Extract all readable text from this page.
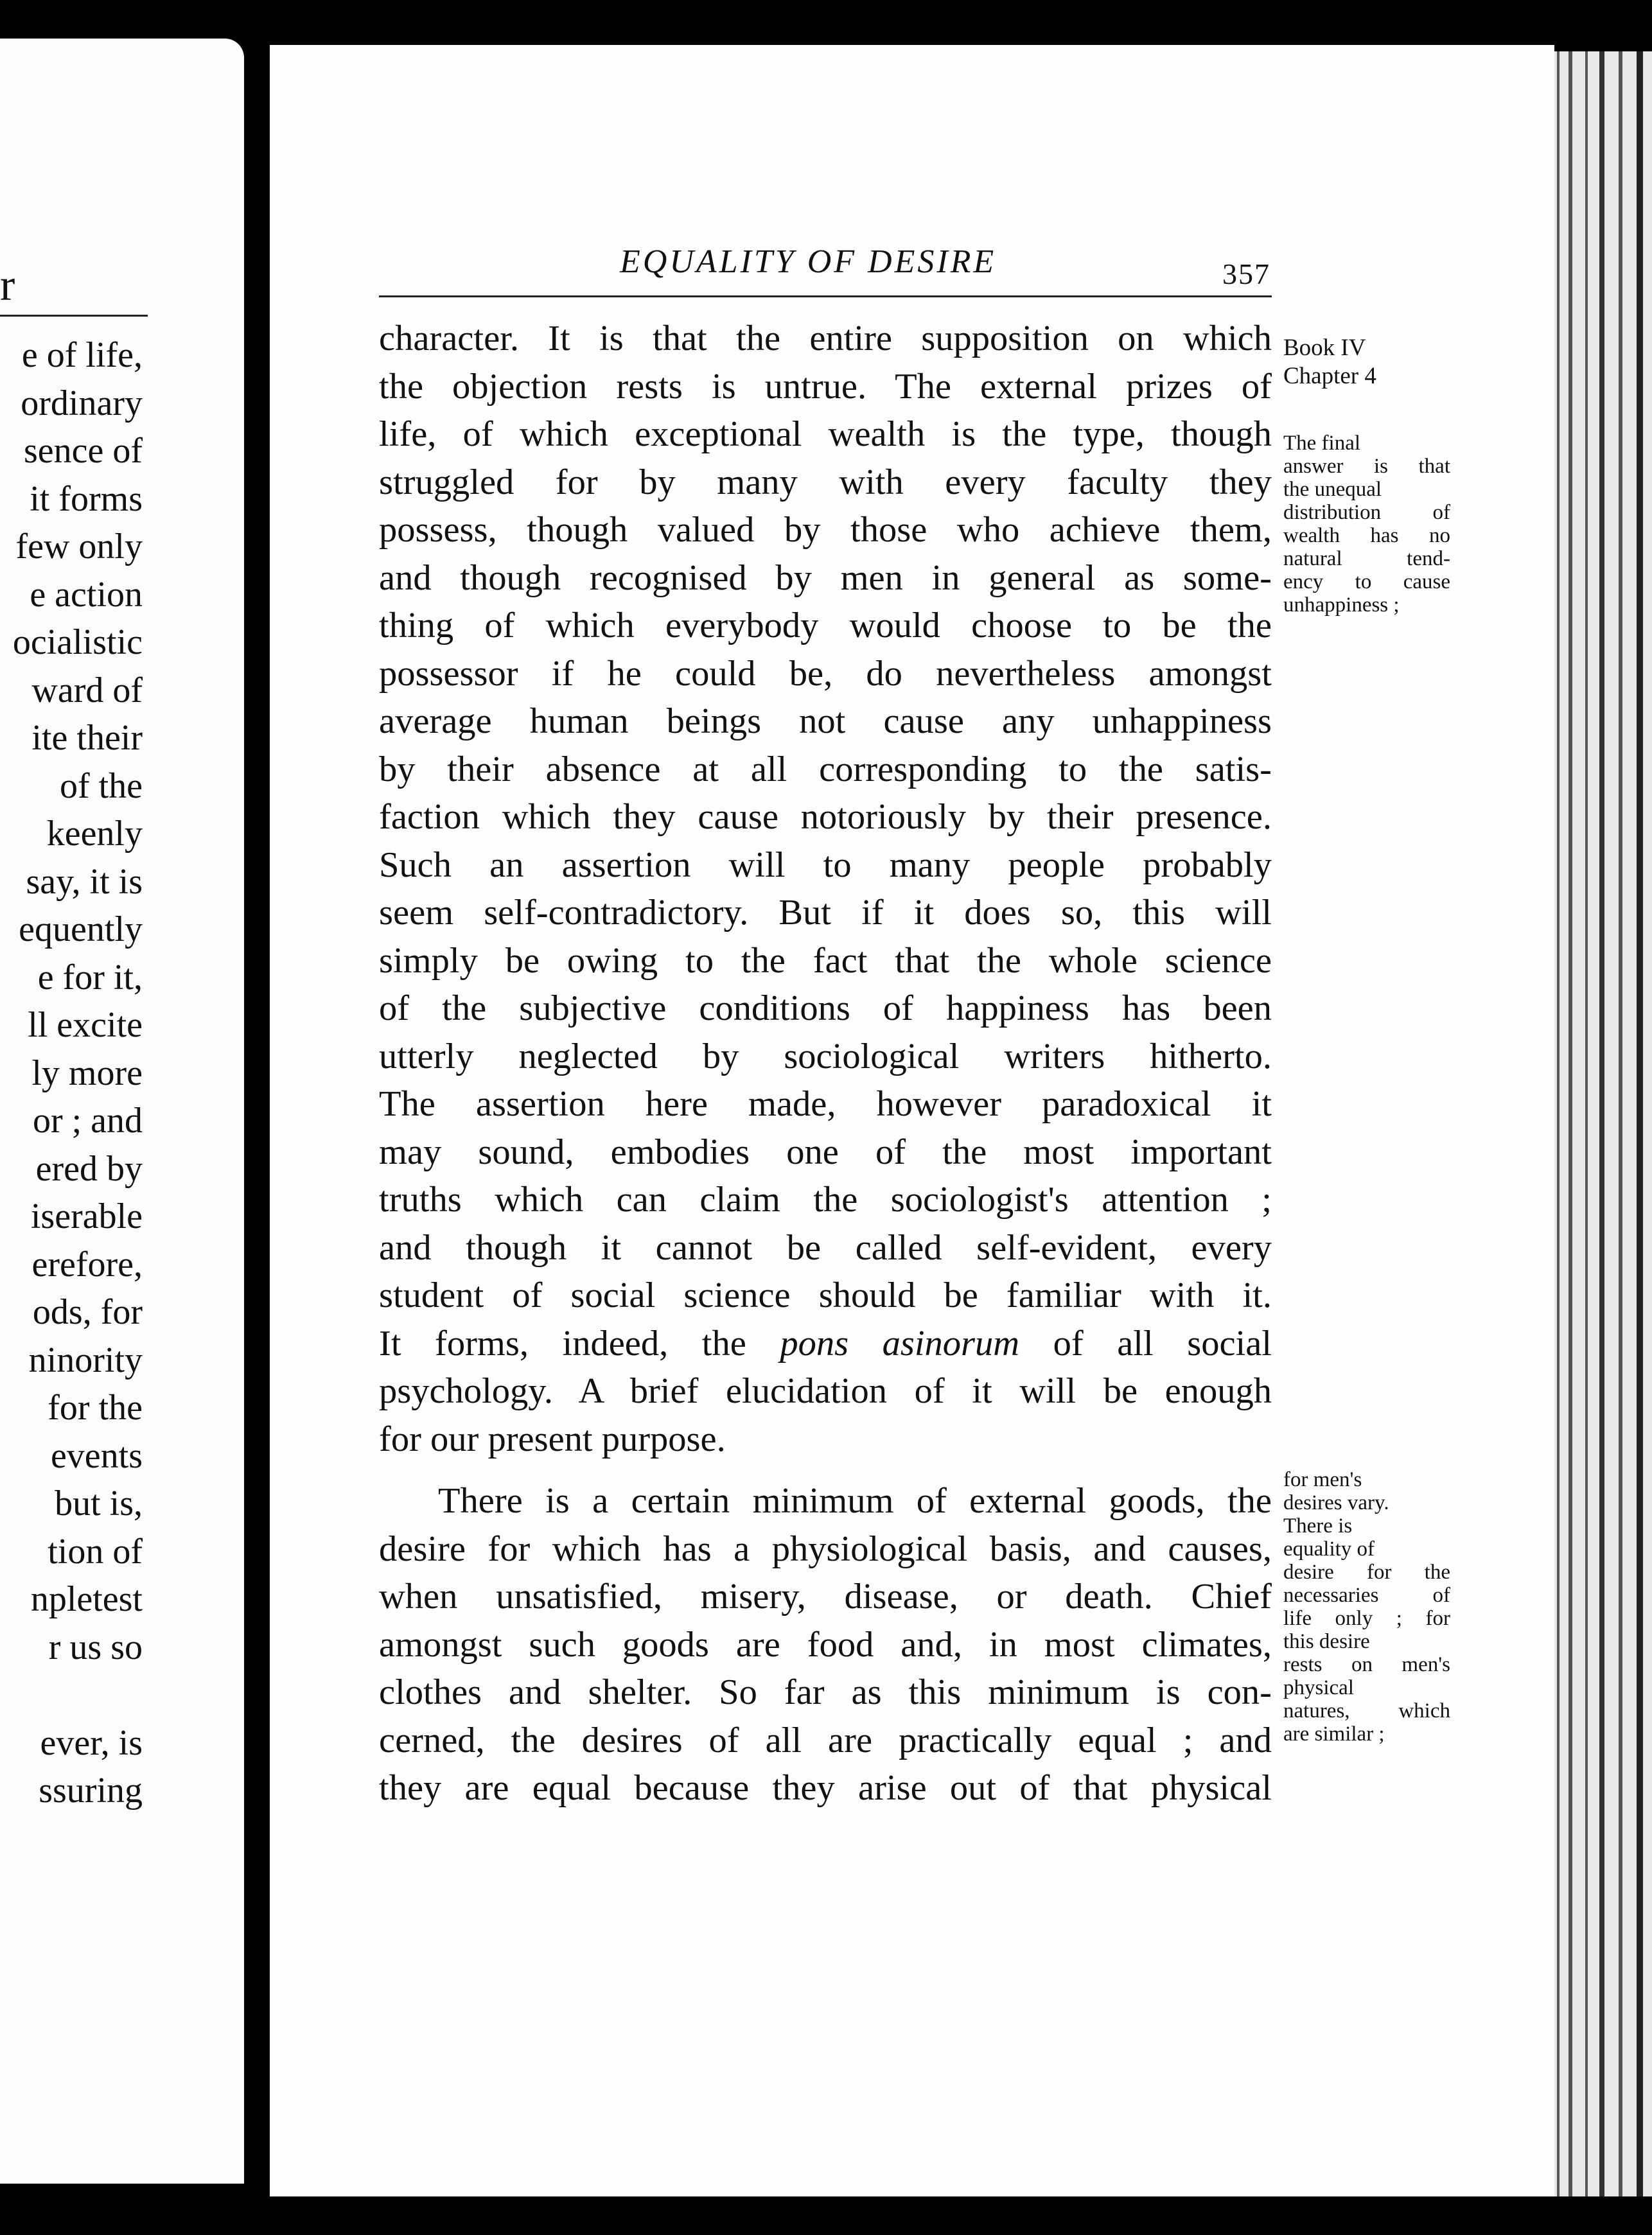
r
e of life,
ordinary
sence of
it forms
few only
e action
ocialistic
ward of
ite their
of the
keenly
say, it is
equently
e for it,
ll excite
ly more
or ; and
ered by
iserable
erefore,
ods, for
ninority
for the
events
but is,
tion of
npletest
r us so
ever, is
ssuring
EQUALITY OF DESIRE	357
character. It is that the entire supposition on which
the objection rests is untrue. The external prizes of
life, of which exceptional wealth is the type, though
struggled for by many with every faculty they
possess, though valued by those who achieve them,
and though recognised by men in general as some-
thing of which everybody would choose to be the
possessor if he could be, do nevertheless amongst
average human beings not cause any unhappiness
by their absence at all corresponding to the satis-
faction which they cause notoriously by their presence.
Such an assertion will to many people probably
seem self-contradictory. But if it does so, this will
simply be owing to the fact that the whole science
of the subjective conditions of happiness has been
utterly neglected by sociological writers hitherto.
The assertion here made, however paradoxical it
may sound, embodies one of the most important
truths which can claim the sociologist's attention ;
and though it cannot be called self-evident, every
student of social science should be familiar with it.
It forms, indeed, the pons asinorum of all social
psychology. A brief elucidation of it will be enough
for our present purpose.
There is a certain minimum of external goods, the
desire for which has a physiological basis, and causes,
when unsatisfied, misery, disease, or death. Chief
amongst such goods are food and, in most climates,
clothes and shelter. So far as this minimum is con-
cerned, the desires of all are practically equal ; and
they are equal because they arise out of that physical
Book IV
Chapter 4
The final
answer is that
the unequal
distribution of
wealth has no
natural tend-
ency to cause
unhappiness ;
for men's
desires vary.
There is
equality of
desire for the
necessaries of
life only ; for
this desire
rests on men's
physical
natures, which
are similar ;
